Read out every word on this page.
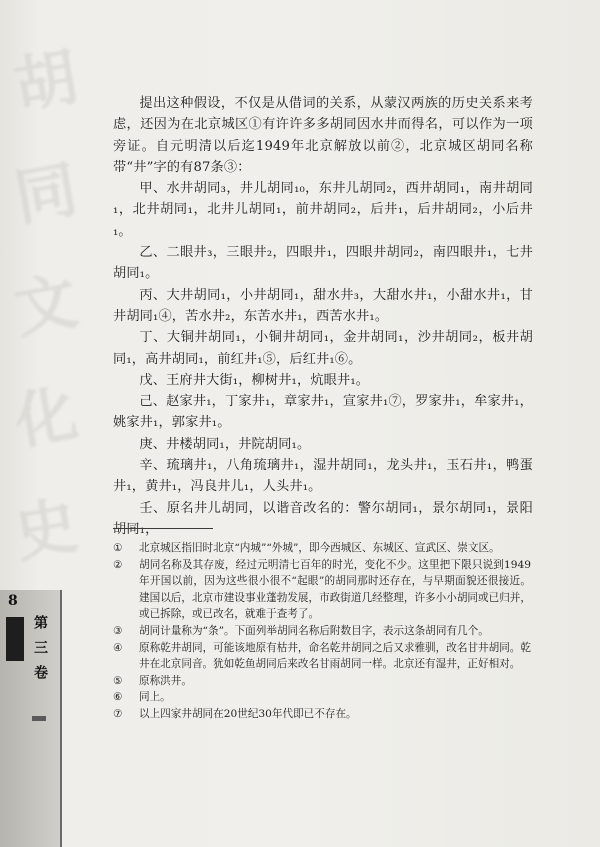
胡
同
文
化
史

提出这种假设，不仅是从借词的关系，从蒙汉两族的历史关系来考虑，还因为在北京城区①有许许多多胡同因水井而得名，可以作为一项旁证。自元明清以后迄1949年北京解放以前②，北京城区胡同名称带“井”字的有87条③：

甲、水井胡同₃，井儿胡同₁₀，东井儿胡同₂，西井胡同₁，南井胡同₁，北井胡同₁，北井儿胡同₁，前井胡同₂，后井₁，后井胡同₂，小后井₁。

乙、二眼井₃，三眼井₂，四眼井₁，四眼井胡同₂，南四眼井₁，七井胡同₁。

丙、大井胡同₁，小井胡同₁，甜水井₃，大甜水井₁，小甜水井₁，甘井胡同₁④，苦水井₂，东苦水井₁，西苦水井₁。

丁、大铜井胡同₁，小铜井胡同₁，金井胡同₁，沙井胡同₂，板井胡同₁，高井胡同₁，前红井₁⑤，后红井₁⑥。

戊、王府井大街₁，柳树井₁，炕眼井₁。

己、赵家井₁，丁家井₁，章家井₁，宣家井₁⑦，罗家井₁，牟家井₁，姚家井₁，郭家井₁。

庚、井楼胡同₁，井院胡同₁。

辛、琉璃井₁，八角琉璃井₁，湿井胡同₁，龙头井₁，玉石井₁，鸭蛋井₁，黄井₁，冯良井儿₁，人头井₁。

壬、原名井儿胡同，以谐音改名的：警尔胡同₁，景尔胡同₁，景阳胡同₁，

①	北京城区指旧时北京“内城”“外城”，即今西城区、东城区、宣武区、崇文区。
②	胡同名称及其存废，经过元明清七百年的时光，变化不少。这里把下限只说到1949年开国以前，因为这些很小很不“起眼”的胡同那时还存在，与早期面貌还很接近。建国以后，北京市建设事业蓬勃发展，市政街道几经整理，许多小小胡同或已归并，或已拆除，或已改名，就难于查考了。
③	胡同计量称为“条”。下面列举胡同名称后附数目字，表示这条胡同有几个。
④	原称乾井胡同，可能该地原有枯井，命名乾井胡同之后又求雅驯，改名甘井胡同。乾井在北京同音。犹如乾鱼胡同后来改名甘雨胡同一样。北京还有湿井，正好相对。
⑤	原称洪井。
⑥	同上。
⑦	以上四家井胡同在20世纪30年代即已不存在。
8
第三卷
